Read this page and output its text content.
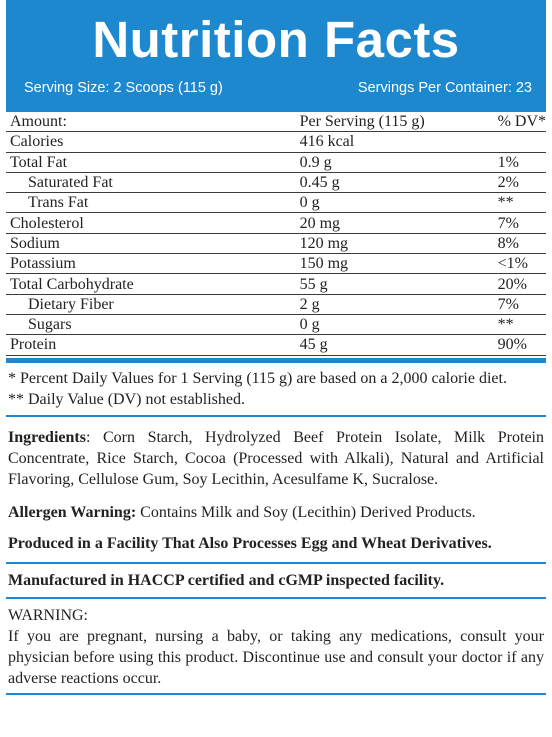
Nutrition Facts
Serving Size: 2 Scoops (115 g)	Servings Per Container: 23
Amount:	Per Serving (115 g)	% DV*
Calories	416 kcal	
Total Fat	0.9 g	1%
Saturated Fat	0.45 g	2%
Trans Fat	0 g	**
Cholesterol	20 mg	7%
Sodium	120 mg	8%
Potassium	150 mg	<1%
Total Carbohydrate	55 g	20%
Dietary Fiber	2 g	7%
Sugars	0 g	**
Protein	45 g	90%
* Percent Daily Values for 1 Serving (115 g) are based on a 2,000 calorie diet.
** Daily Value (DV) not established.
Ingredients: Corn Starch, Hydrolyzed Beef Protein Isolate, Milk Protein Concentrate, Rice Starch, Cocoa (Processed with Alkali), Natural and Artificial Flavoring, Cellulose Gum, Soy Lecithin, Acesulfame K, Sucralose.
Allergen Warning: Contains Milk and Soy (Lecithin) Derived Products.
Produced in a Facility That Also Processes Egg and Wheat Derivatives.
Manufactured in HACCP certified and cGMP inspected facility.
WARNING:
If you are pregnant, nursing a baby, or taking any medications, consult your physician before using this product. Discontinue use and consult your doctor if any adverse reactions occur.
